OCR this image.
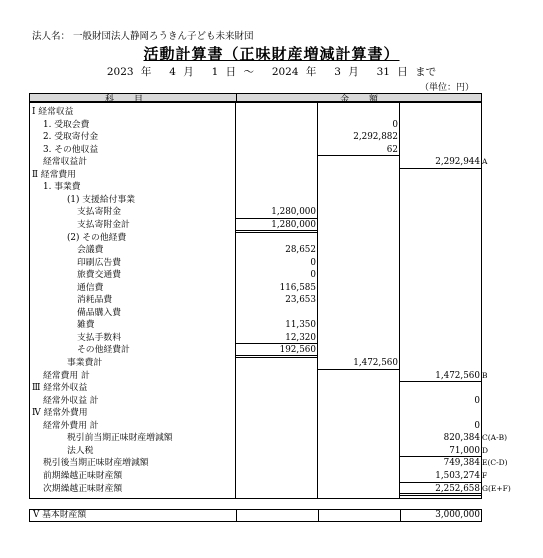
法人名： 一般財団法人静岡ろうきん子ども未来財団
活動計算書（正味財産増減計算書）
2023 年 　4 月 　1 日 〜 　2024 年 　3 月 　31 日 まで
（単位：円）
科目	金額
Ⅰ 経常収益
1. 受取会費	0
2. 受取寄付金	2,292,882
3. その他収益	62
経常収益計	2,292,944 A
Ⅱ 経常費用
1. 事業費
(1) 支援給付事業
支払寄附金	1,280,000
支払寄附金計	1,280,000
(2) その他経費
会議費	28,652
印刷広告費	0
旅費交通費	0
通信費	116,585
消耗品費	23,653
備品購入費
雑費	11,350
支払手数料	12,320
その他経費計	192,560
事業費計	1,472,560
経常費用 計	1,472,560 B
Ⅲ 経常外収益
経常外収益 計	0
Ⅳ 経常外費用
経常外費用 計	0
税引前当期正味財産増減額	820,384 C(A-B)
法人税	71,000 D
税引後当期正味財産増減額	749,384 E(C-D)
前期繰越正味財産額	1,503,274 F
次期繰越正味財産額	2,252,658 G(E+F)
Ⅴ 基本財産額	3,000,000
